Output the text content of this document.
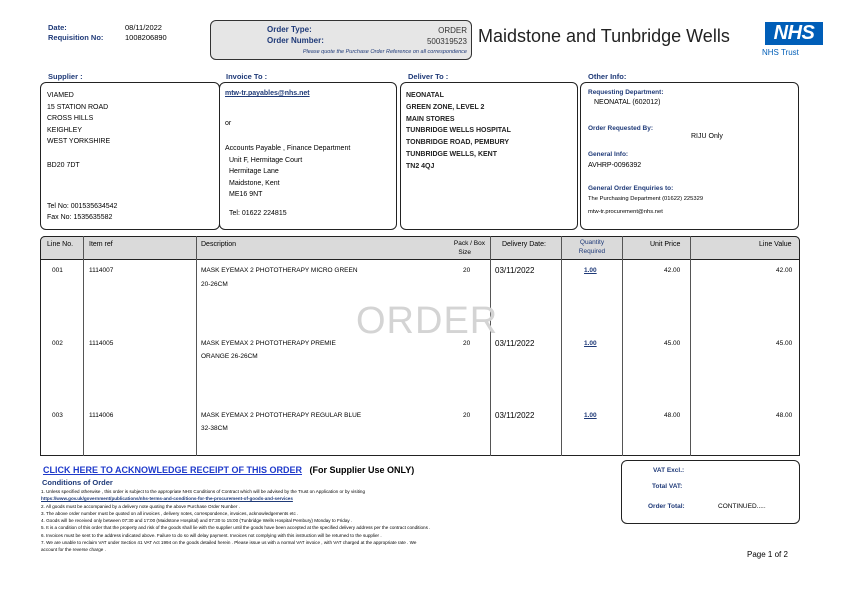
Date:	08/11/2022
Requisition No:	1008206890
Order Type:	ORDER
Order Number:	500319523
Please quote the Purchase Order Reference on all correspondence
Maidstone and Tunbridge Wells	NHS
NHS Trust
Supplier :	Invoice To :	Deliver To :	Other Info:
VIAMED
15 STATION ROAD
CROSS HILLS
KEIGHLEY
WEST YORKSHIRE
BD20 7DT
Tel No: 001535634542
Fax No: 1535635582
mtw-tr.payables@nhs.net
or
Accounts Payable , Finance Department
Unit F, Hermitage Court
Hermitage Lane
Maidstone, Kent
ME16 9NT
Tel: 01622 224815
NEONATAL
GREEN ZONE, LEVEL 2
MAIN STORES
TUNBRIDGE WELLS HOSPITAL
TONBRIDGE ROAD, PEMBURY
TUNBRIDGE WELLS, KENT
TN2 4QJ
Requesting Department:
NEONATAL (602012)
Order Requested By:
RIJU Only
General Info:
AVHRP-0096392
General Order Enquiries to:
The Purchasing Department (01622) 225329
mtw-tr.procurement@nhs.net
Line No. Item ref	Description	Pack / Box
Size
Delivery Date:	Quantity
Required
Unit Price	Line Value
001	1114007	MASK EYEMAX 2 PHOTOTHERAPY MICRO GREEN
20-26CM
20	03/11/2022	1.00	42.00	42.00
ORDER
002	1114005	MASK EYEMAX 2 PHOTOTHERAPY PREMIE
ORANGE 26-26CM
20	03/11/2022	1.00	45.00	45.00
003	1114006	MASK EYEMAX 2 PHOTOTHERAPY REGULAR BLUE
32-38CM
20	03/11/2022	1.00	48.00	48.00
CLICK HERE TO ACKNOWLEDGE RECEIPT OF THIS ORDER (For Supplier Use ONLY)
Conditions of Order
1. Unless specified otherwise , this order is subject to the appropriate NHS Conditions of Contract which will be advised by the Trust on Application or by visiting
https://www.gov.uk/government/publications/nhs-terms-and-conditions-for-the-procurement-of-goods-and-services
2. All goods must be accompanied by a delivery note quoting the above Purchase Order Number .
3. The above order number must be quoted on all invoices , delivery notes, correspondence, invoices, acknowledgements etc .
4. Goods will be received only between 07:30 and 17:00 (Maidstone Hospital) and 07:30 to 15:00 (Tunbridge Wells Hospital Pembury) Monday to Friday .
5. It is a condition of this order that the property and risk of the goods shall lie with the supplier until the goods have been accepted at the specified delivery address per the contract conditions .
6. Invoices must be sent to the address indicated above. Failure to do so will delay payment. Invoices not complying with this instruction will be returned to the supplier .
7. We are unable to reclaim VAT under Section 41 VAT Act 1994 on the goods detailed herein . Please issue us with a normal VAT invoice , with VAT charged at the appropriate rate . We
account for the reverse charge .
VAT Excl.:
Total VAT:
Order Total:	CONTINUED.....
Page 1 of 2
